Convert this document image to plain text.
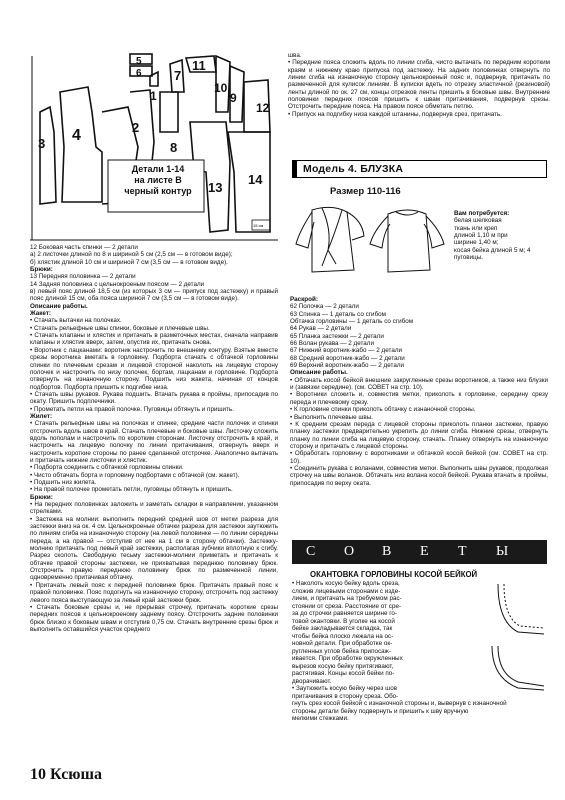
5
6 7
11
1	9
10
3 4	2
8
12
13
14
15 см
Детали 1-14
на листе В
черный контур

12 Боковая часть спинки — 2 детали

а) 2 листочки длиной по 8 и шириной 5 см (2,5 см — в готовом виде);

б) хлястик длиной 10 см и шириной 7 см (3,5 см — в готовом виде).

Брюки:

13 Передняя половинка — 2 детали

14 Задняя половинка с цельнокроеным поясом — 2 детали

в) левый пояс длиной 18,5 см (из которых 3 см — припуск под застежку) и правый пояс длиной 15 см, оба пояса шириной 7 см (3,5 см — в готовом виде).

Описание работы.

Жакет:

• Стачать вытачки на полочках.

• Стачать рельефные швы спинки, боковые и плечевые швы.

• Стачать клапаны и хлястик и притачать в разметочных местах, сначала направив клапаны и хлястик вверх, затем, опустив их, притачать снова.

• Воротник с лацканами: воротник настрочить по внешнему контуру. Взятые вместе срезы воротника вметать в горловину. Подборта стачать с обтачкой горловины спинки по плечевым срезам и лицевой стороной наколоть на лицевую сторону полочек и настрочить по низу полочек, бортам, лацканам и горловине. Подборта отвернуть на изнаночную сторону. Подшить низ жакета, начиная от концов подбортов. Подборта пришить к подгибке низа.

• Стачать швы рукавов. Рукава подшить. Втачать рукава в проймы, припосадив по окату. Пришить подплечники.

• Прометать петли на правой полочке. Пуговицы обтянуть и пришить.

Жилет:

• Стачать рельефные швы на полочках и спинке, средние части полочек и спинки отстрочить вдоль швов в край. Стачать плечевые и боковые швы. Листочку сложить вдоль пополам и настрочить по коротким сторонам. Листочку отстрочить в край, и настрочить на лицевую полочку по линии притачивания, отвернуть вверх и настрочить короткие стороны по ранее сделанной отстрочке. Аналогично вытачать и притачать нижние листочки и хлястик.

• Подборта соединить с обтачкой горловины спинки.

• Чисто обтачать борта и горловину подбортами с обтачкой (см. жакет).

• Подшить низ жилета.

• На правой полочке прометать петли, пуговицы обтянуть и пришить.

Брюки:

• На передних половинках заложить и заметать складки в направлении, указанном стрелками.

• Застежка на молнии: выполнить передний средний шов от метки разреза для застежки вниз на ок. 4 см. Цельнокроеные обтачки разреза для застежки заутюжить по линиям сгиба на изнаночную сторону (на левой половинке — по линии середины переда, а на правой — отступив от нее на 1 см в сторону обтачки). Застежку-молнию притачать под левый край застежки, располагая зубчики вплотную к сгибу. Разрез сколоть. Свободную тесьму застежки-молнии приметать и притачать к обтачке правой стороны застежки, не прихватывая переднюю половинку брюк. Отстрочить правую переднюю половинку брюк по размеченной линии, одновременно притачивая обтачку.

• Притачать левый пояс к передней половинке брюк. Притачать правый пояс к правой половинке. Пояс подогнуть на изнаночную сторону, отстрочить под застежку левого пояса выступающую за левый край застежки брюк.

• Стачать боковые срезы и, не прерывая строчку, притачать короткие срезы передних поясов к цельнокроеному заднему поясу. Отстрочить задние половинки брюк близко к боковым швам и отступив 0,75 см. Стачать внутренние срезы брюк и выполнить оставшийся участок среднего

шва.

• Передние пояса сложить вдоль по линии сгиба, чисто вытачать по передним коротким краям и нижнему краю припуска под застежку. На задних половинках отвернуть по линии сгиба на изнаночную сторону цельнокроеный пояс и, подвернув, притачать по размеченной для кулисок линиям. В кулиски вдеть по отрезку эластичной (резиновой) ленты длиной по ок. 27 см, концы отрезков ленты пришить в боковые швы. Внутренние половинки передних поясов пришить к швам притачивания, подвернув срезы. Отстрочить передние пояса. На правом поясе обметать петлю.

• Припуск на подгибку низа каждой штанины, подвернув срез, притачать.

Модель 4. БЛУЗКА
Размер 110-116
Вам потребуется:
белая шелковая
ткань или креп
длиной 1,10 м при
ширине 1,40 м;
косая бейка длиной 5 м; 4 пуговицы.

Раскрой:

62 Полочка — 2 детали

63 Спинка — 1 деталь со сгибом

Обтачка горловины — 1 деталь со сгибом

64 Рукав — 2 детали

65 Планка застежки — 2 детали

66 Волан рукава — 2 детали

67 Нижний воротник-жабо — 2 детали

68 Средний воротник-жабо — 2 детали

69 Верхний воротник-жабо — 2 детали

Описание работы.

• Обтачать косой бейкой внешние закругленные срезы воротников, а также низ блузки и (завязки середине). (см. СОВЕТ на стр. 10).

• Воротники сложить и, совместив метки, приколоть к горловине, середину срезу переда и плечевому срезу.

• К горловине спинки приколоть обтачку с изнаночной стороны.

• Выполнить плечевые швы.

• К средним срезам переда с лицевой стороны приколоть планки застежки, правую планку застежки предварительно укрепить до линии сгиба. Нижние срезы, отвернуть планку по линии сгиба на лицевую сторону, стачать. Планку отвернуть на изнаночную сторону и притачать с лицевой стороны.

• Обработать горловину с воротниками и обтачкой косой бейкой (см. СОВЕТ на стр. 10).

• Соединить рукава с воланами, совместив метки. Выполнить швы рукавов, продолжая строчку на швы воланов. Обтачать низ волана косой бейкой. Рукава втачать в проймы, припосадив по верху оката.

С О В Е Т Ы
ОКАНТОВКА ГОРЛОВИНЫ КОСОЙ БЕЙКОЙ
• Наколоть косую бейку вдоль среза,
сложив лицевыми сторонами с изде-
лием, и притачать на требуемом рас-
стоянии от среза. Расстояние от сре-
за до строчки равняется ширине го-
товой окантовки. В уголке на косой
бейке закладывается складка, так
чтобы бейка плоско лежала на ос-
новной детали. При обработке ок-
ругленных углов бейка припосаж-
ивается. При обработке окружленных
вырезов косую бейку притягивают,
растягивая. Концы косой бейки по-
дворачивают.
• Заутюжить косую бейку через шов
притачивания в сторону среза. Обо-
гнуть срез косой бейкой с изнаночной стороны и, вывернув с изнаночной
стороны детали бейку подвернуть и пришить к шву вручную
мелкими стежками.
10 Ксюша
